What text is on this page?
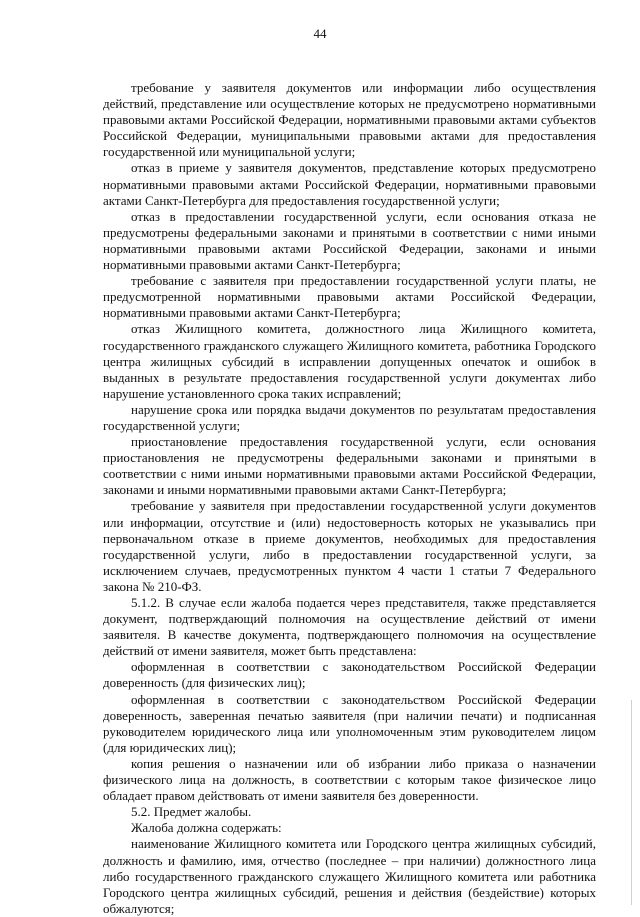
44

требование у заявителя документов или информации либо осуществления действий, представление или осуществление которых не предусмотрено нормативными правовыми актами Российской Федерации, нормативными правовыми актами субъектов Российской Федерации, муниципальными правовыми актами для предоставления государственной или муниципальной услуги;

отказ в приеме у заявителя документов, представление которых предусмотрено нормативными правовыми актами Российской Федерации, нормативными правовыми актами Санкт-Петербурга для предоставления государственной услуги;

отказ в предоставлении государственной услуги, если основания отказа не предусмотрены федеральными законами и принятыми в соответствии с ними иными нормативными правовыми актами Российской Федерации, законами и иными нормативными правовыми актами Санкт-Петербурга;

требование с заявителя при предоставлении государственной услуги платы, не предусмотренной нормативными правовыми актами Российской Федерации, нормативными правовыми актами Санкт-Петербурга;

отказ Жилищного комитета, должностного лица Жилищного комитета, государственного гражданского служащего Жилищного комитета, работника Городского центра жилищных субсидий в исправлении допущенных опечаток и ошибок в выданных в результате предоставления государственной услуги документах либо нарушение установленного срока таких исправлений;

нарушение срока или порядка выдачи документов по результатам предоставления государственной услуги;

приостановление предоставления государственной услуги, если основания приостановления не предусмотрены федеральными законами и принятыми в соответствии с ними иными нормативными правовыми актами Российской Федерации, законами и иными нормативными правовыми актами Санкт-Петербурга;

требование у заявителя при предоставлении государственной услуги документов или информации, отсутствие и (или) недостоверность которых не указывались при первоначальном отказе в приеме документов, необходимых для предоставления государственной услуги, либо в предоставлении государственной услуги, за исключением случаев, предусмотренных пунктом 4 части 1 статьи 7 Федерального закона № 210-ФЗ.

5.1.2. В случае если жалоба подается через представителя, также представляется документ, подтверждающий полномочия на осуществление действий от имени заявителя. В качестве документа, подтверждающего полномочия на осуществление действий от имени заявителя, может быть представлена:

оформленная в соответствии с законодательством Российской Федерации доверенность (для физических лиц);

оформленная в соответствии с законодательством Российской Федерации доверенность, заверенная печатью заявителя (при наличии печати) и подписанная руководителем юридического лица или уполномоченным этим руководителем лицом (для юридических лиц);

копия решения о назначении или об избрании либо приказа о назначении физического лица на должность, в соответствии с которым такое физическое лицо обладает правом действовать от имени заявителя без доверенности.

5.2. Предмет жалобы.

Жалоба должна содержать:

наименование Жилищного комитета или Городского центра жилищных субсидий, должность и фамилию, имя, отчество (последнее – при наличии) должностного лица либо государственного гражданского служащего Жилищного комитета или работника Городского центра жилищных субсидий, решения и действия (бездействие) которых обжалуются;
